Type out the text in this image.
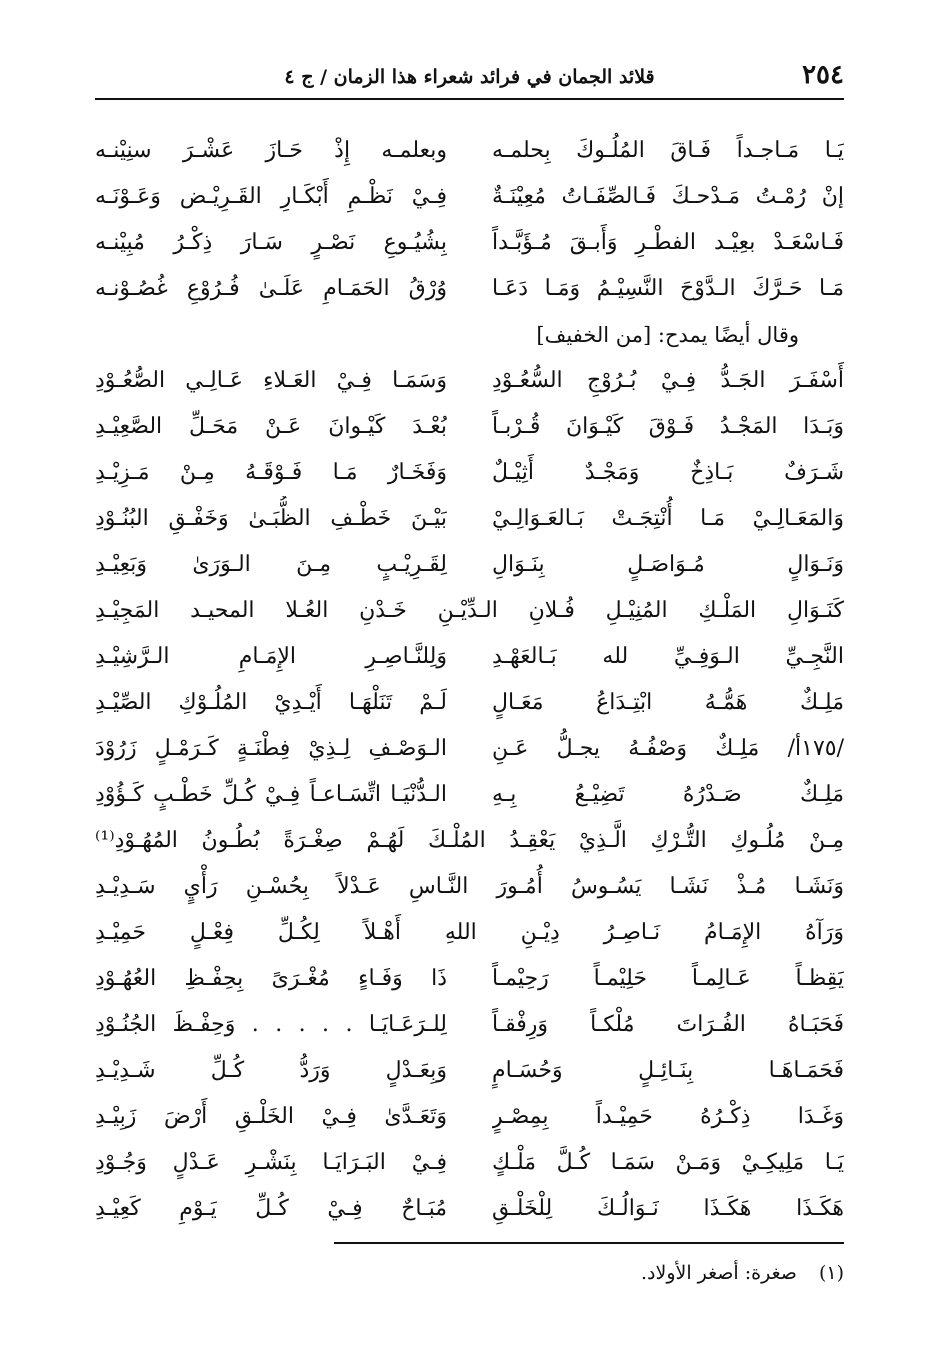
٢٥٤
قلائد الجمان في فرائد شعراء هذا الزمان / ج ٤
يَـا مَـاجـداً فَـاقَ المُلُـوكَ بِحلمـه
وبعلمـه إِذْ حَـازَ عَشْـرَ سنِيْنـه
إنْ رُمْـتُ مَـدْحـكَ فَـالصِّفَـاتُ مُعِيْنَـةٌ
فِـيْ نَظْـمِ أَبْكَـارِ القَـرِيْـض وَعَـوْنَـه
فَـاسْعَـدْ بعِيْـد الفطْـرِ وَأَبـقَ مُـؤَبَّـداً
بِشُيُـوعِ نَصْـرٍ سَـارَ ذِكْـرُ مُبِيْنـه
مَـا حَـرَّكَ الـدَّوْحَ النَّسِيْـمُ وَمَـا دَعَـا
وُرْقُ الحَمَـامِ عَلَـىٰ فُـرُوْعِ غُصُـوْنـه
وقال أيضًا يمدح: [من الخفيف]
أَسْفَـرَ الجَـدُّ فِـيْ بُـرُوْجِ السُّعُـوْدِ
وَسَمَـا فِـيْ العَـلاءِ عَـالِـي الصُّعُـوْدِ
وَبَـدَا المَجْـدُ فَـوْقَ كَيْـوَانَ قُـرْبـاً
بُعْـدَ كَيْـوانَ عَـنْ مَحَـلِّ الصَّعِيْـدِ
شَـرَفٌ بَـاذِخٌ وَمَجْـدٌ أَثِيْـلٌ
وَفَخَـارٌ مَـا فَـوْقَـهُ مِـنْ مَـزِيْـدِ
وَالمَعَـالِـيْ مَـا أُنْتِجَـتْ بَـالعَـوَالِـيْ
بَيْـنَ خَطْـفِ الظُّبَـىٰ وَخَفْـقِ البُنُـوْدِ
وَنَـوَالٍ مُـوَاصَـلٍ بِنَـوَالِ
لِقَـرِيْـبٍ مِـنَ الـوَرَىٰ وَبَعِيْـدِ
كَنَـوَالِ المَلْـكِ المُنِيْـلِ فُـلانِ الـدِّيْـنِ خَـدْنِ العُـلا المحيـد المَجِيْـدِ
النَّجِـيِّ الـوَفِـيِّ لله بَـالعَهْـدِ
وَلِلنَّـاصِـرِ الإِمَـامِ الـرَّشِيْـدِ
مَلِـكٌ هَمُّـهُ ابْتِـدَاعُ مَعَـالٍ
لَـمْ تَنَلْهَـا أَيْـدِيْ المُلُـوْكِ الصِّيْـدِ
/١٧٥أ/ مَلِـكٌ وَصْفُـهُ يجـلُّ عَـنِ
الـوَصْـفِ لِـذِيْ فِطْنَـةٍ كَـرَمْـلٍ زَرُوْدَ
مَلِـكٌ صَـدْرُهُ تَضِيْـعُ بِـهِ
الـدُّنْيَـا اتِّسَـاعـاً فِـيْ كُـلِّ خَطْـبٍ كَـؤُوْدِ
مِـنْ مُلُـوكِ التُّـرْكِ الَّـذِيْ يَعْقِـدُ المُلْـكَ لَهُـمْ صِغْـرَةً بُطُـونُ المُهُـوْدِ⁽¹⁾
وَنَشَـا مُـذْ نَشَـا يَسُـوسُ أُمُـورَ النَّـاسِ عَـدْلاً بِحُسْـنِ رَأْيٍ سَـدِيْـدِ
وَرَآهُ الإِمَـامُ نَـاصِـرُ دِيْـنِ اللهِ أَهْـلاً لِكُـلِّ فِعْـلٍ حَمِيْـدِ
يَقِظـاً عَـالِمـاً حَلِيْمـاً رَحِيْمـاً
ذَا وَفَـاءٍ مُغْـرَىً بِحِفْـظِ العُهُـوْدِ
فَحَبَـاهُ الفُـرَاتَ مُلْكـاً وَرِفْقـاً
لِلـرَعَـايَـا . . . . . وَحِفْـظَ الجُنُـوْدِ
فَحَمَـاهَـا بِنَـائِـلٍ وَحُسَـامٍ
وَبِعَـدْلٍ وَرَدُّ كُـلِّ شَـدِيْـدِ
وَغَـدَا ذِكْـرُهُ حَمِيْـداً بِمِصْـرٍ
وَتَعَـدَّىٰ فِـيْ الخَلْـقِ أَرْضَ زَبِيْـدِ
يَـا مَلِيكِـيْ وَمَـنْ سَمَـا كُـلَّ مَلْـكٍ
فِـيْ البَـرَايَـا بِنَشْـرِ عَـدْلٍ وَجُـوْدِ
هَكَـذَا هَكَـذَا نَـوَالُـكَ لِلْخَلْـقِ
مُبَـاحٌ فِـيْ كُـلِّ يَـوْمِ كَعِيْـدِ
(١) صغرة: أصغر الأولاد.
